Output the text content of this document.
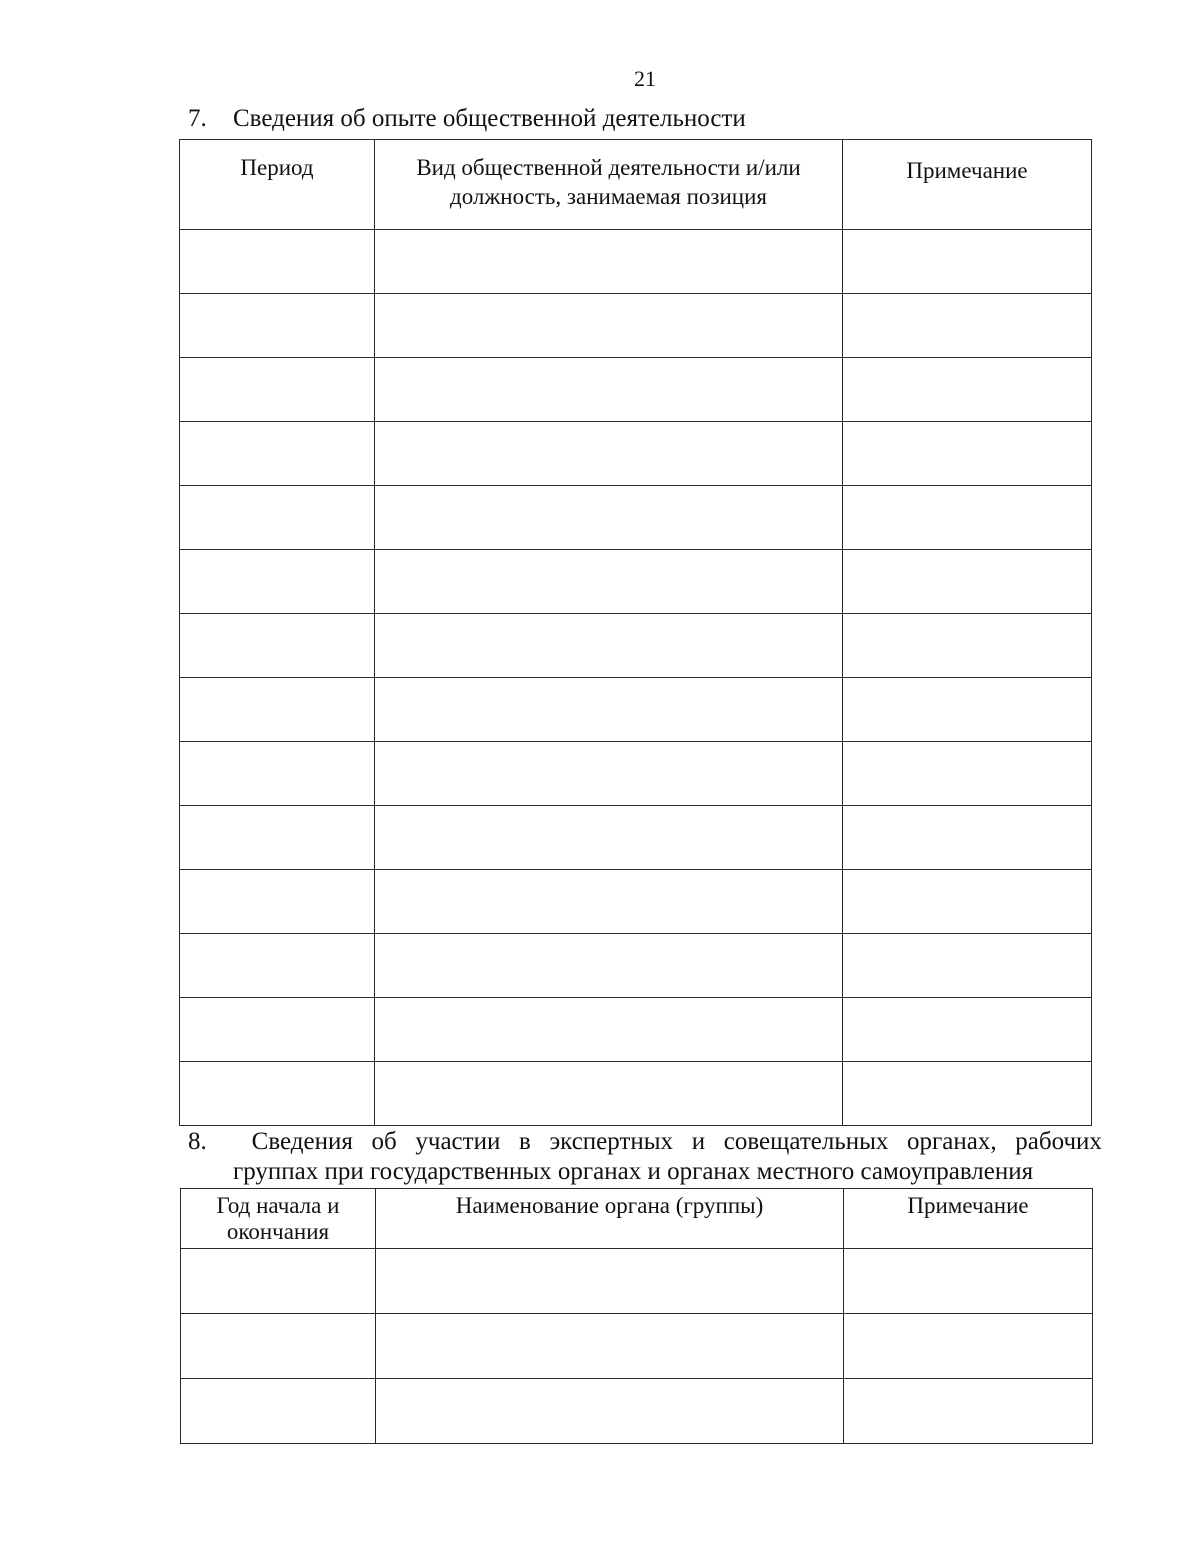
21
7. Сведения об опыте общественной деятельности
Период	Вид общественной деятельности и/или должность, занимаемая позиция	Примечание

8.	Сведения об участии в экспертных и совещательных органах, рабочих
группах при государственных органах и органах местного самоуправления
Год начала и окончания	Наименование органа (группы)	Примечание
